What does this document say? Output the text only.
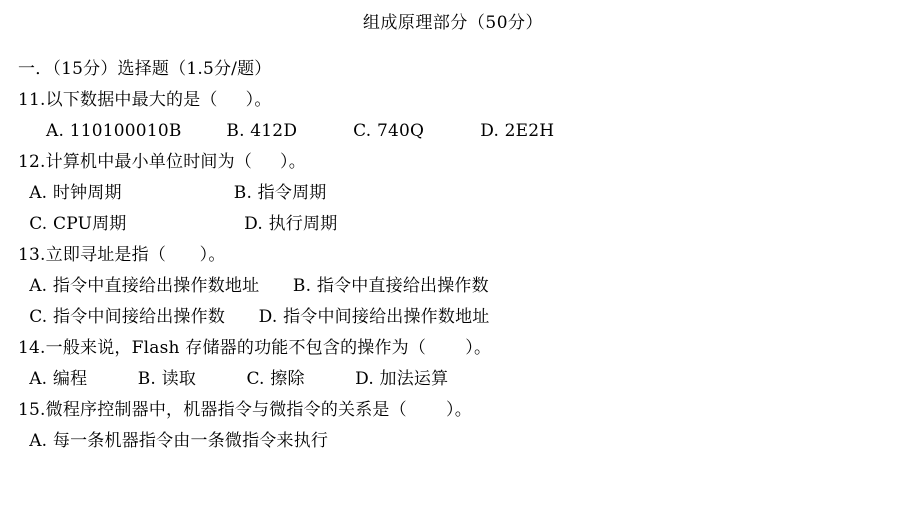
组成原理部分（50分）
一．（15分）选择题（1.5分/题）
11.以下数据中最大的是（     ）。
A. 110100010B        B. 412D          C. 740Q          D. 2E2H
12.计算机中最小单位时间为（     ）。
A. 时钟周期                    B. 指令周期
C. CPU周期                     D. 执行周期
13.立即寻址是指（      ）。
A. 指令中直接给出操作数地址      B. 指令中直接给出操作数
C. 指令中间接给出操作数      D. 指令中间接给出操作数地址
14.一般来说，Flash 存储器的功能不包含的操作为（       ）。
A. 编程         B. 读取         C. 擦除         D. 加法运算
15.微程序控制器中，机器指令与微指令的关系是（       ）。
A. 每一条机器指令由一条微指令来执行
